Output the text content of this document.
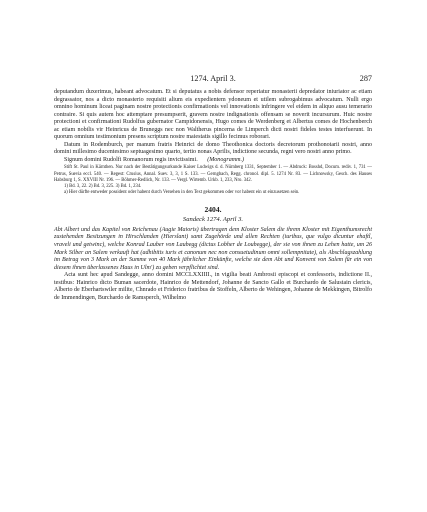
1274. April 3.	287

deputandum duxerimus, habeant advocatum. Et si deputatus a nobis defensor reperiatur monasterii depredator iniuriator ac etiam degrassator, nos a dicto monasterio requisiti alium eis expedientem ydoneum et utilem subrogabimus advocatum. Nulli ergo omnino hominum liceat paginam nostre protectionis confirmationis vel innovationis infringere vel eidem in aliquo ausu temerario contraire. Si quis autem hoc attemptare presumpserit, gravem nostre indignationis offensam se noverit incursurum. Huic nostre protectioni et confirmationi Rudolfus gubernator Campidonensis, Hugo comes de Werdenberg et Albertus comes de Hochenberch ac etiam nobilis vir Heinricus de Bruneggs nec non Waltherus pincerna de Limperch dicti nostri fideles testes interfuerunt. In quorum omnium testimonium presens scriptum nostre maiestatis sigillo fecimus roborari.

Datum in Rodemburch, per manum fratris Heinrici de domo Theothonica doctoris decretorum prothonotarii nostri, anno domini millesimo ducentesimo septuagesimo quarto, tertio nonas Aprilis, indictione secunda, regni vero nostri anno primo.

Signum domini Rudolfi Romanorum regis invictissimi. (Monogramm.)

Stift St. Paul in Kärnthen. Nur nach der Bestätigungsurkunde Kaiser Ludwigs d. d. Nürnberg 1331, September 1. — Abdruck: Bosshd, Docum. rediv. 1, 731 — Petrus, Suevia eccl. 540. — Regest: Crusius, Annal. Suev. 3, 3, 1 S. 133. — Gerngbach, Regg. chronol. dipl. 5. 1274 Nr. 83. — Lichnowsky, Gesch. des Hauses Habsburg 1, S. XXVIII Nr. 196. — Böhmer-Redlich, Nr. 133. — Vergl. Wirtemb. Urkb. 1, 233, Nro. 342.

1) Bd. 3, 22. 2) Bd. 3, 225. 3) Bd. 1, 234.

a) Hier dürfte entweder possident oder habent durch Versehen in den Text gekommen oder vor habent ein ut einzusetzen sein.

2404.
Sandeck 1274. April 3.

Abt Albert und das Kapitel von Reichenau (Augie Maioris) übertragen dem Kloster Salem die ihrem Kloster mit Eigenthumsrecht zustehenden Besitzungen in Hirschlanden (Hierslant) samt Zugehörde und allen Rechten (iuribus, que vulgo dicuntur ehaftî, vraveli und getwinc), welche Konrad Lauber von Laubegg (dictus Lobher de Loubegge), der sie von ihnen zu Lehen hatte, um 26 Mark Silber an Salem verkauft hat (adhibitis iuris et canonum nec non consuetudinum omni sollempnitate), als Abschlagszahlung im Betrag von 3 Mark an der Summe von 40 Mark jährlicher Einkünfte, welche sie dem Abt und Konvent von Salem für ein von diesem ihnen überlassenes Haus in Ulm') zu geben verpflichtet sind.

Acta sunt hec apud Sandegge, anno domini MCCLXXIIII., in vigilia beati Ambrosii episcopi et confessoris, indictione II., testibus: Hainrico dicto Buman sacerdote, Hainrico de Mettendorf, Johanne de Sancto Gallo et Burchardo de Salustain clericis, Alberto de Eberhartswiler milite, Chnrado et Friderico fratribus de Stoffeln, Alberto de Wehingen, Johanne de Mekkingen, Bitrolfo de Immendingen, Burchardo de Ramsperch, Wilhelmo
